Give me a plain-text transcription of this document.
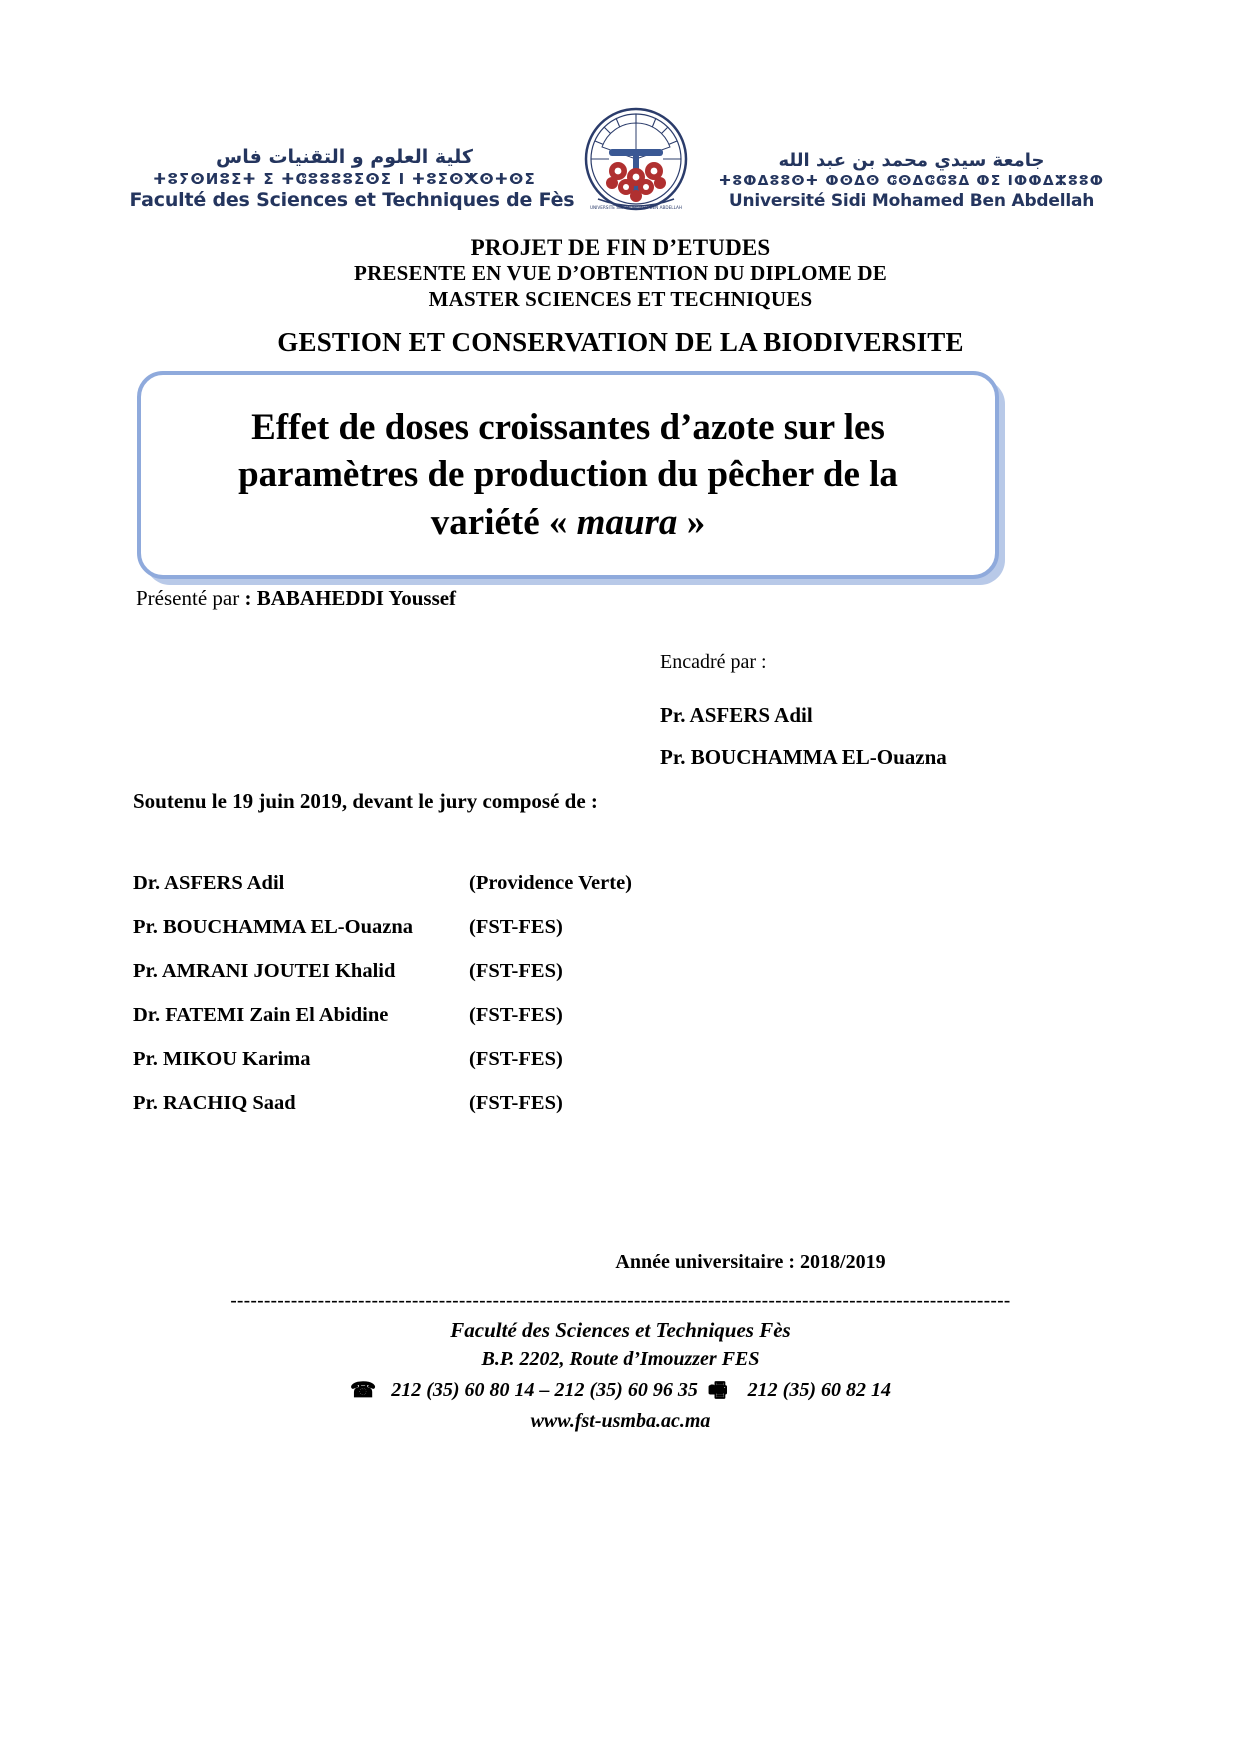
كلية العلوم و التقنيات فاس
ⵜⵓⵢⵙⵍⵓⵉⵜ ⵉ ⵜⵛⵓⵓⵓⵓⵉⵙⵉ ⵏ ⵜⵓⵉⵙⵅⵙⵜⵙⵉ
Faculté des Sciences et Techniques de Fès	UNIVERSITE SIDI MOHAMED BEN ABDELLAH
جامعة سيدي محمد بن عبد الله
ⵜⵓⵀⵠⵓⵓⵙⵜ ⵀⵙⵠⵙ ⵛⵙⵠⵛⵛⵓⵠ ⵀⵉ ⵏⵀⵀⵠⵣⵓⵓⵀ
Université Sidi Mohamed Ben Abdellah
PROJET DE FIN D’ETUDES
PRESENTE EN VUE D’OBTENTION DU DIPLOME DE
MASTER SCIENCES ET TECHNIQUES
GESTION ET CONSERVATION DE LA BIODIVERSITE
Effet de doses croissantes d’azote sur les paramètres de production du pêcher de la variété « maura »
Présenté par : BABAHEDDI Youssef
Encadré par :
Pr. ASFERS Adil
Pr. BOUCHAMMA EL-Ouazna
Soutenu le 19 juin 2019, devant le jury composé de :
Dr. ASFERS Adil	(Providence Verte)
Pr. BOUCHAMMA EL-Ouazna	(FST-FES)
Pr. AMRANI JOUTEI Khalid	(FST-FES)
Dr. FATEMI Zain El Abidine	(FST-FES)
Pr. MIKOU Karima	(FST-FES)
Pr. RACHIQ Saad	(FST-FES)
Année universitaire : 2018/2019
--------------------------------------------------------------------------------------------------------------------
Faculté des Sciences et Techniques Fès
B.P. 2202, Route d’Imouzzer FES
☎ 212 (35) 60 80 14 – 212 (35) 60 96 35 🖷 212 (35) 60 82 14
www.fst-usmba.ac.ma
